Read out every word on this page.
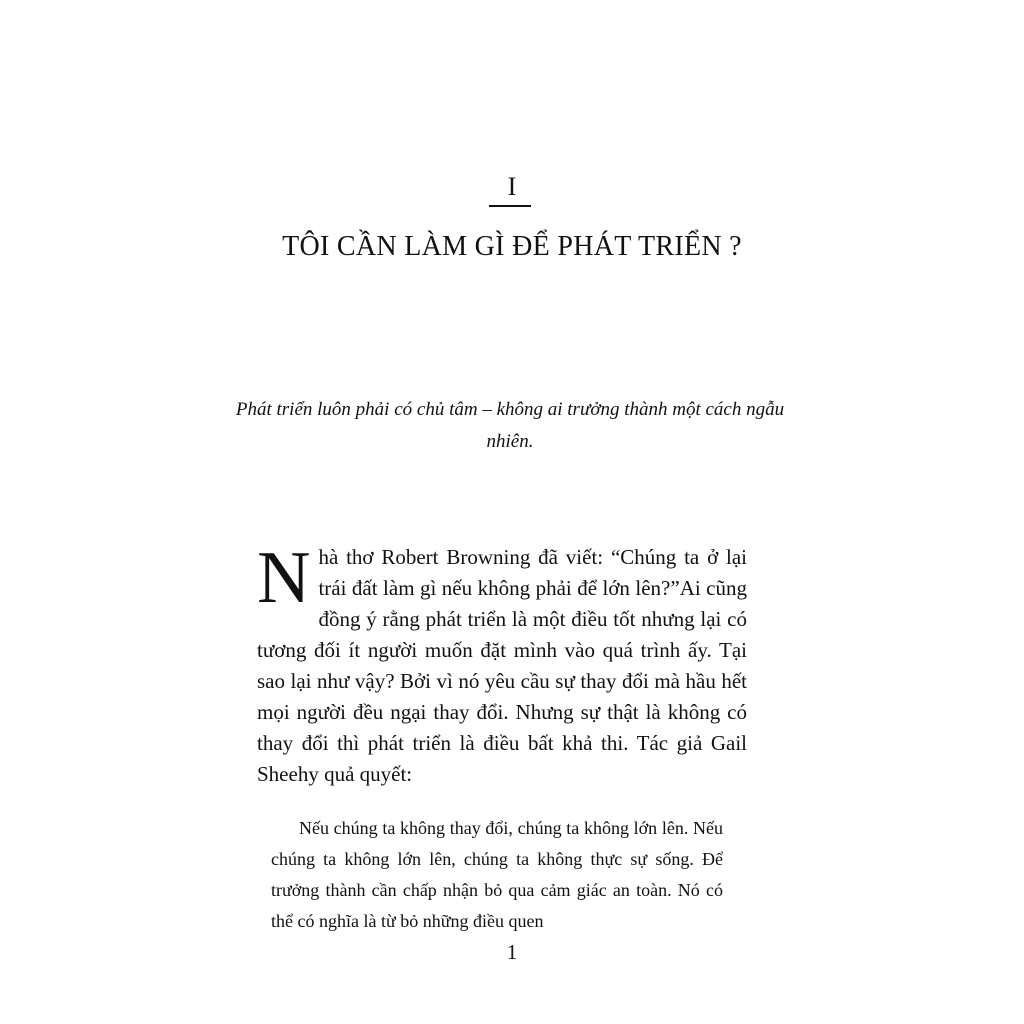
I
TÔI CẦN LÀM GÌ ĐỂ PHÁT TRIỂN ?
Phát triển luôn phải có chủ tâm – không ai trưởng thành một cách ngẫu nhiên.
Nhà thơ Robert Browning đã viết: “Chúng ta ở lại trái đất làm gì nếu không phải để lớn lên?”Ai cũng đồng ý rằng phát triển là một điều tốt nhưng lại có tương đối ít người muốn đặt mình vào quá trình ấy. Tại sao lại như vậy? Bởi vì nó yêu cầu sự thay đổi mà hầu hết mọi người đều ngại thay đổi. Nhưng sự thật là không có thay đổi thì phát triển là điều bất khả thi. Tác giả Gail Sheehy quả quyết:
Nếu chúng ta không thay đổi, chúng ta không lớn lên. Nếu chúng ta không lớn lên, chúng ta không thực sự sống. Để trưởng thành cần chấp nhận bỏ qua cảm giác an toàn. Nó có thể có nghĩa là từ bỏ những điều quen
1
